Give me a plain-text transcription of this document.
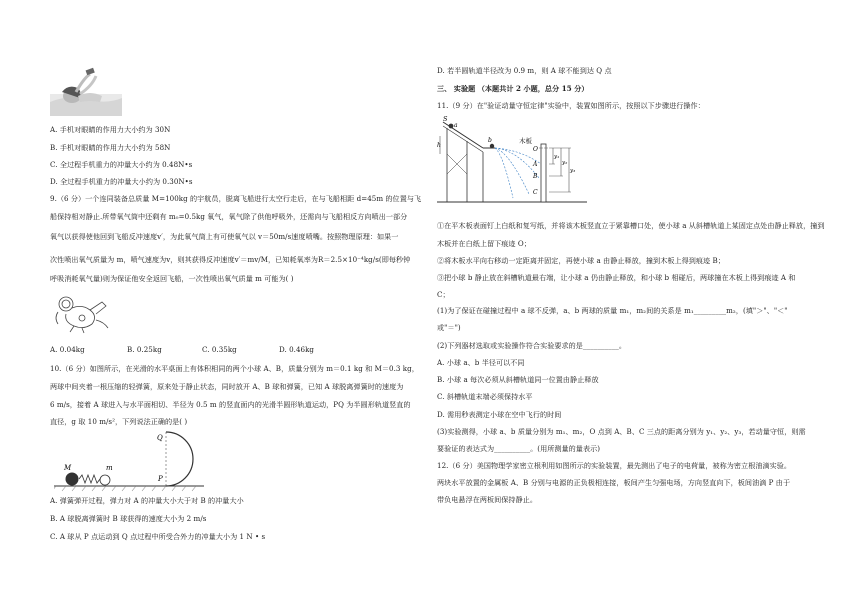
A. 手机对眼睛的作用力大小约为 30N
B. 手机对眼睛的作用力大小约为 58N
C. 全过程手机重力的冲量大小约为 0.48N•s
D. 全过程手机重力的冲量大小约为 0.30N•s
9.（6 分）一个连同装备总质量 M=100kg 的宇航员，脱离飞船进行太空行走后，在与飞船相距 d=45m 的位置与飞
船保持相对静止.所带氧气筒中还剩有 m₀=0.5kg 氧气，氧气除了供他呼吸外，还需向与飞船相反方向喷出一部分
氧气以获得使他回到飞船反冲速度v′，为此氧气筒上有可使氧气以 v＝50m/s速度喷嘴。按照物理原理：如果一
次性喷出氧气质量为 m，喷气速度为v，则其获得反冲速度v′＝mv/M，已知耗氧率为R＝2.5×10⁻⁴kg/s(即每秒钟
呼吸消耗氧气量)则为保证他安全返回飞船，一次性喷出氧气质量 m 可能为( )
A. 0.04kg	B. 0.25kg	C. 0.35kg	D. 0.46kg
10.（6 分）如图所示，在光滑的水平桌面上有体积相同的两个小球 A、B，质量分别为 m＝0.1 kg 和 M＝0.3 kg，
两球中间夹着一根压缩的轻弹簧，原来处于静止状态，同时放开 A、B 球和弹簧，已知 A 球脱离弹簧时的速度为
6 m/s，接着 A 球进入与水平面相切、半径为 0.5 m 的竖直面内的光滑半圆形轨道运动，PQ 为半圆形轨道竖直的
直径，g 取 10 m/s²，下列说法正确的是( )
M	m
Q
P
A. 弹簧弹开过程，弹力对 A 的冲量大小大于对 B 的冲量大小
B. A 球脱离弹簧时 B 球获得的速度大小为 2 m/s
C. A 球从 P 点运动到 Q 点过程中所受合外力的冲量大小为 1 N • s
D. 若半圆轨道半径改为 0.9 m，则 A 球不能到达 Q 点
三、 实验题 （本题共计 2 小题，总分 15 分）
11.（9 分）在"验证动量守恒定律"实验中，装置如图所示，按照以下步骤进行操作：
S
a
h
b	木板
O
A
B
C
y₁
y₂
y₃
①在平木板表面钉上白纸和复写纸，并将该木板竖直立于紧靠槽口处，使小球 a 从斜槽轨道上某固定点处由静止释放，撞到
木板并在白纸上留下痕迹 O；
②将木板水平向右移动一定距离并固定，再使小球 a 由静止释放，撞到木板上得到痕迹 B；
③把小球 b 静止放在斜槽轨道最右端，让小球 a 仍由静止释放，和小球 b 相碰后，两球撞在木板上得到痕迹 A 和
C；
(1)为了保证在碰撞过程中 a 球不反弹，a、b 两球的质量 m₁，m₂间的关系是 m₁_________m₂，(填"＞"、"＜"
或"＝")
(2)下列器材选取或实验操作符合实验要求的是__________。
A. 小球 a、b 半径可以不同
B. 小球 a 每次必须从斜槽轨道同一位置由静止释放
C. 斜槽轨道末端必须保持水平
D. 需用秒表测定小球在空中飞行的时间
(3)实验测得，小球 a、b 质量分别为 m₁、m₂，O 点到 A、B、C 三点的距离分别为 y₁、y₂、y₃，若动量守恒，则需
要验证的表达式为__________。(用所测量的量表示)
12.（6 分）美国物理学家密立根利用如图所示的实验装置，最先测出了电子的电荷量，被称为密立根油滴实验。
两块水平放置的金属板 A、B 分别与电源的正负极相连接，板间产生匀强电场，方向竖直向下，板间油滴 P 由于
带负电悬浮在两板间保持静止。
